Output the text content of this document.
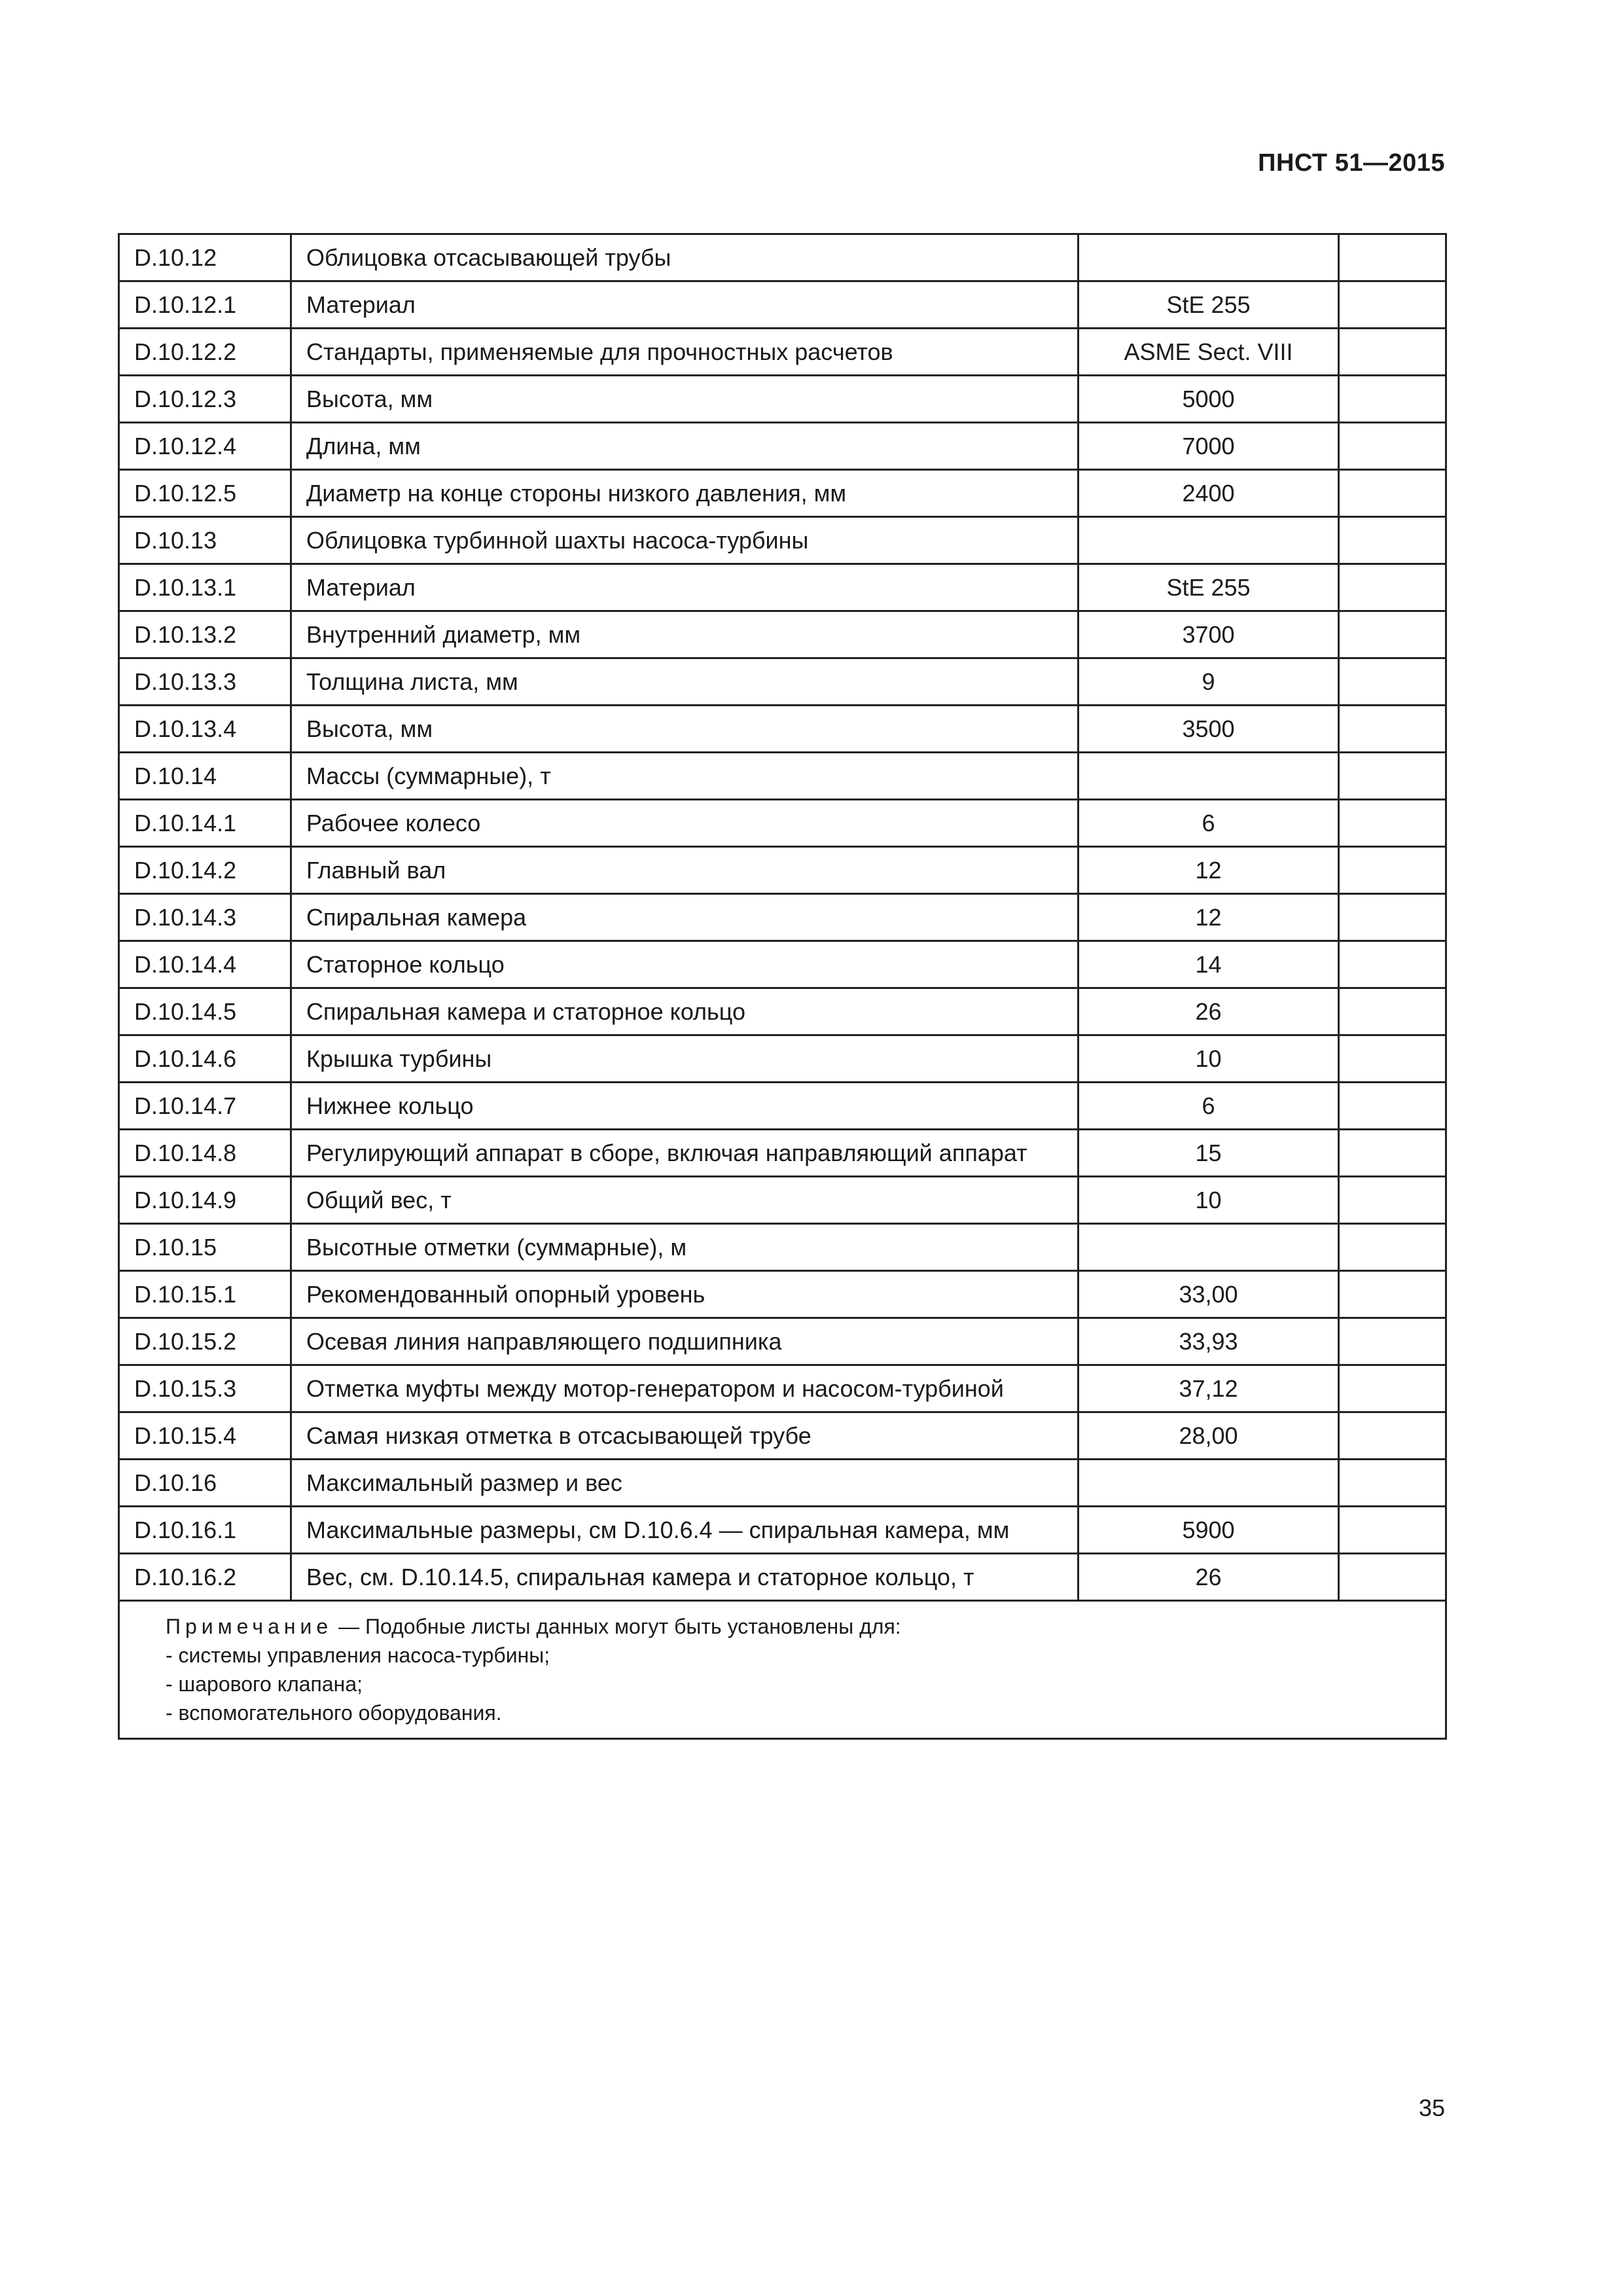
ПНСТ 51—2015
D.10.12	Облицовка отсасывающей трубы		
D.10.12.1	Материал	StE 255	
D.10.12.2	Стандарты, применяемые для прочностных расчетов	ASME Sect. VIII	
D.10.12.3	Высота, мм	5000	
D.10.12.4	Длина, мм	7000	
D.10.12.5	Диаметр на конце стороны низкого давления, мм	2400	
D.10.13	Облицовка турбинной шахты насоса-турбины		
D.10.13.1	Материал	StE 255	
D.10.13.2	Внутренний диаметр, мм	3700	
D.10.13.3	Толщина листа, мм	9	
D.10.13.4	Высота, мм	3500	
D.10.14	Массы (суммарные), т		
D.10.14.1	Рабочее колесо	6	
D.10.14.2	Главный вал	12	
D.10.14.3	Спиральная камера	12	
D.10.14.4	Статорное кольцо	14	
D.10.14.5	Спиральная камера и статорное кольцо	26	
D.10.14.6	Крышка турбины	10	
D.10.14.7	Нижнее кольцо	6	
D.10.14.8	Регулирующий аппарат в сборе, включая направляющий аппарат	15	
D.10.14.9	Общий вес, т	10	
D.10.15	Высотные отметки (суммарные), м		
D.10.15.1	Рекомендованный опорный уровень	33,00	
D.10.15.2	Осевая линия направляющего подшипника	33,93	
D.10.15.3	Отметка муфты между мотор-генератором и насосом-турбиной	37,12	
D.10.15.4	Самая низкая отметка в отсасывающей трубе	28,00	
D.10.16	Максимальный размер и вес		
D.10.16.1	Максимальные размеры, см D.10.6.4 — спиральная камера, мм	5900	
D.10.16.2	Вес, см. D.10.14.5, спиральная камера и статорное кольцо, т	26	

Примечание — Подобные листы данных могут быть установлены для:
- системы управления насоса-турбины;
- шарового клапана;
- вспомогательного оборудования.			
35
